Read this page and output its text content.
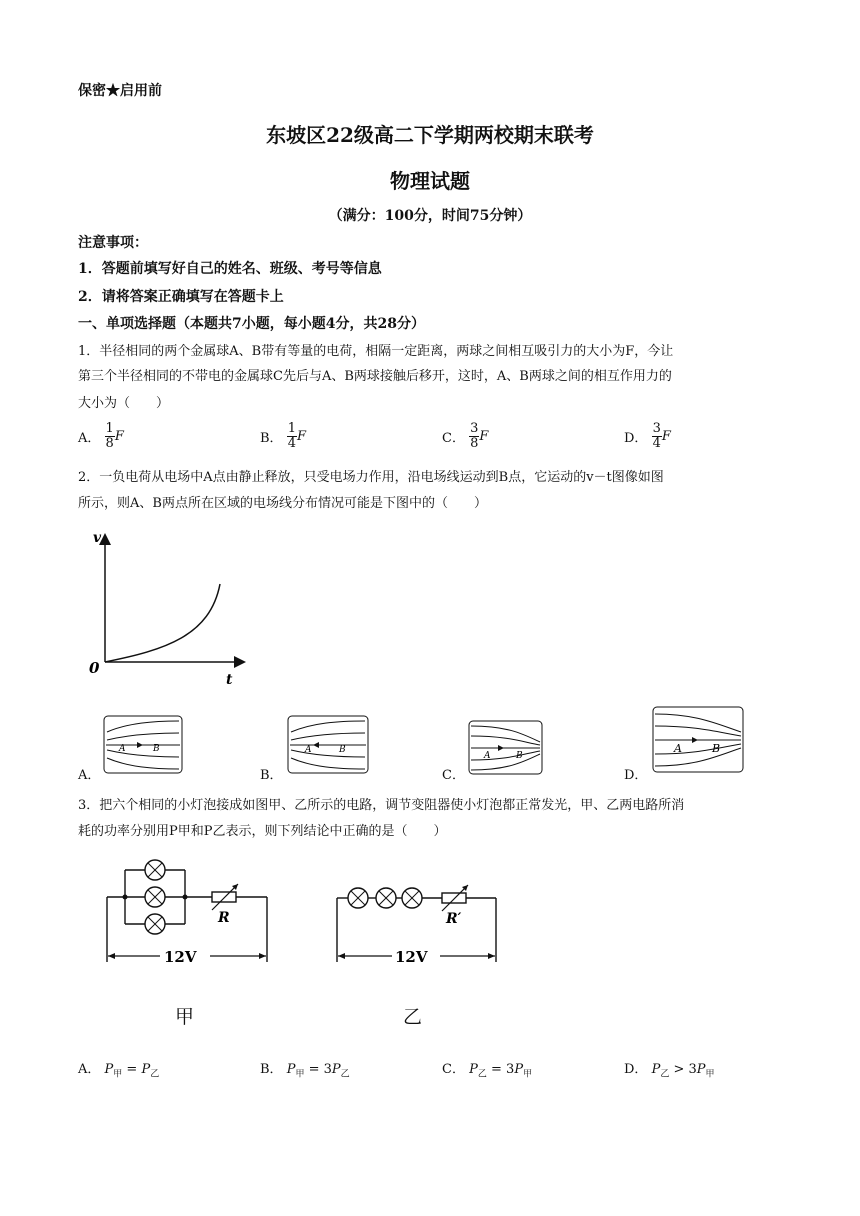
保密★启用前
东坡区22级高二下学期两校期末联考
物理试题
（满分：100分，时间75分钟）
注意事项：
1．答题前填写好自己的姓名、班级、考号等信息
2．请将答案正确填写在答题卡上
一、单项选择题（本题共7小题，每小题4分，共28分）
1．半径相同的两个金属球A、B带有等量的电荷，相隔一定距离，两球之间相互吸引力的大小为F，今让
第三个半径相同的不带电的金属球C先后与A、B两球接触后移开，这时，A、B两球之间的相互作用力的
大小为（　　）
A． $\frac{1}{8}$ F	B． $\frac{1}{4}$ F	C． $\frac{3}{8}$ F	D． $\frac{3}{4}$ F
2．一负电荷从电场中A点由静止释放，只受电场力作用，沿电场线运动到B点，它运动的v－t图像如图
所示，则A、B两点所在区域的电场线分布情况可能是下图中的（　　）
v
t
0
A．
A	B
B．
A	B
C．
A	B
D．
A	B
3．把六个相同的小灯泡接成如图甲、乙所示的电路，调节变阻器使小灯泡都正常发光，甲、乙两电路所消
耗的功率分别用P甲和P乙表示，则下列结论中正确的是（　　）
R
12V
甲
R′
12V
乙
A． $P_甲 = P_乙$	B． $P_甲 = 3P_乙$	C． $P_乙 = 3P_甲$	D． $P_乙 > 3P_甲$
